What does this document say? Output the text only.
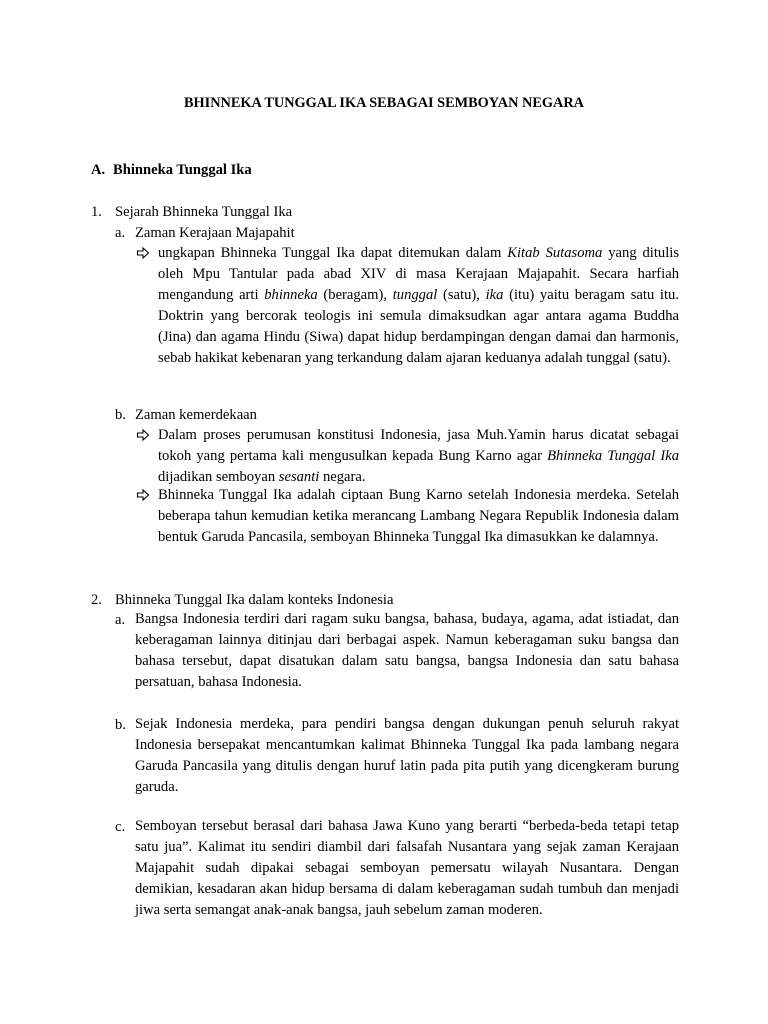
BHINNEKA TUNGGAL IKA SEBAGAI SEMBOYAN NEGARA
A. Bhinneka Tunggal Ika
1. Sejarah Bhinneka Tunggal Ika
a. Zaman Kerajaan Majapahit
ungkapan Bhinneka Tunggal Ika dapat ditemukan dalam Kitab Sutasoma yang ditulis oleh Mpu Tantular pada abad XIV di masa Kerajaan Majapahit. Secara harfiah mengandung arti bhinneka (beragam), tunggal (satu), ika (itu) yaitu beragam satu itu. Doktrin yang bercorak teologis ini semula dimaksudkan agar antara agama Buddha (Jina) dan agama Hindu (Siwa) dapat hidup berdampingan dengan damai dan harmonis, sebab hakikat kebenaran yang terkandung dalam ajaran keduanya adalah tunggal (satu).
b. Zaman kemerdekaan
Dalam proses perumusan konstitusi Indonesia, jasa Muh.Yamin harus dicatat sebagai tokoh yang pertama kali mengusulkan kepada Bung Karno agar Bhinneka Tunggal Ika dijadikan semboyan sesanti negara.
Bhinneka Tunggal Ika adalah ciptaan Bung Karno setelah Indonesia merdeka. Setelah beberapa tahun kemudian ketika merancang Lambang Negara Republik Indonesia dalam bentuk Garuda Pancasila, semboyan Bhinneka Tunggal Ika dimasukkan ke dalamnya.
2. Bhinneka Tunggal Ika dalam konteks Indonesia
a. Bangsa Indonesia terdiri dari ragam suku bangsa, bahasa, budaya, agama, adat istiadat, dan keberagaman lainnya ditinjau dari berbagai aspek. Namun keberagaman suku bangsa dan bahasa tersebut, dapat disatukan dalam satu bangsa, bangsa Indonesia dan satu bahasa persatuan, bahasa Indonesia.
b. Sejak Indonesia merdeka, para pendiri bangsa dengan dukungan penuh seluruh rakyat Indonesia bersepakat mencantumkan kalimat Bhinneka Tunggal Ika pada lambang negara Garuda Pancasila yang ditulis dengan huruf latin pada pita putih yang dicengkeram burung garuda.
c. Semboyan tersebut berasal dari bahasa Jawa Kuno yang berarti “berbeda-beda tetapi tetap satu jua”. Kalimat itu sendiri diambil dari falsafah Nusantara yang sejak zaman Kerajaan Majapahit sudah dipakai sebagai semboyan pemersatu wilayah Nusantara. Dengan demikian, kesadaran akan hidup bersama di dalam keberagaman sudah tumbuh dan menjadi jiwa serta semangat anak-anak bangsa, jauh sebelum zaman moderen.
